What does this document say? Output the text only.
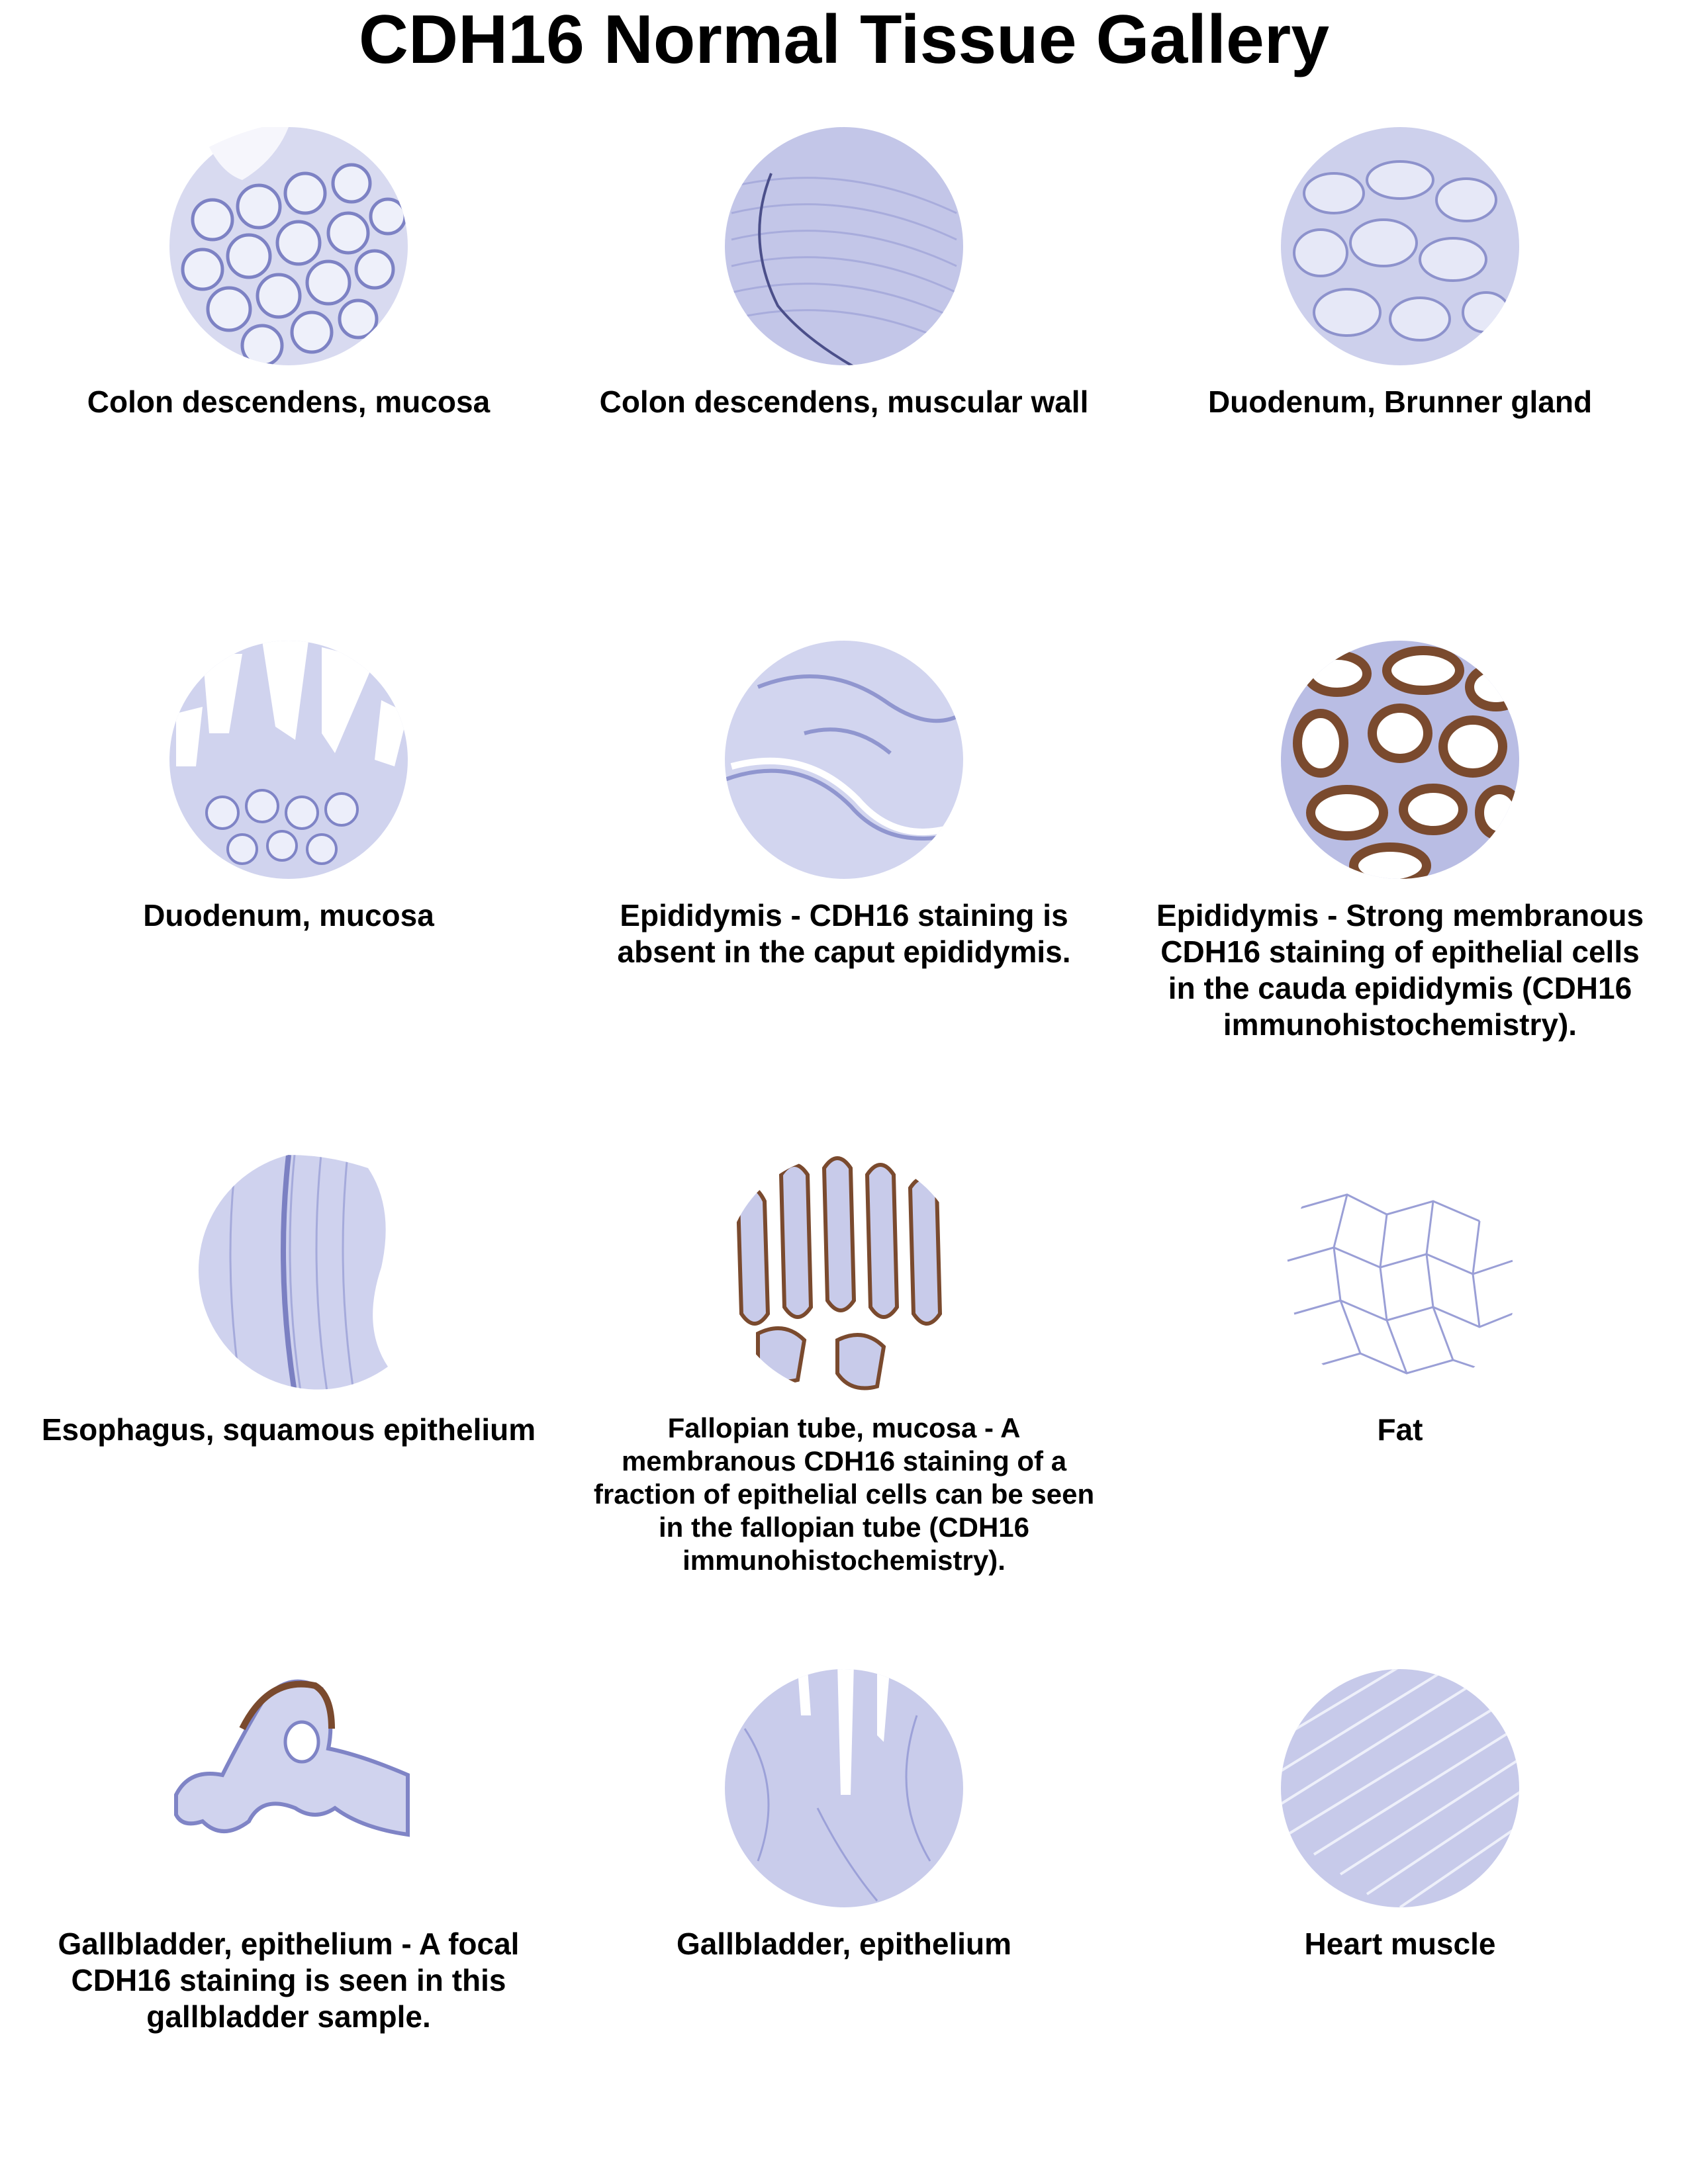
CDH16 Normal Tissue Gallery

Colon descendens, mucosa	Colon descendens, muscular wall	Duodenum, Brunner gland

Duodenum, mucosa	Epididymis - CDH16 staining is absent in the caput epididymis.

Epididymis - Strong membranous CDH16 staining of epithelial cells in the cauda epididymis (CDH16 immunohistochemistry).

Esophagus, squamous epithelium	Fallopian tube, mucosa - A membranous CDH16 staining of a fraction of epithelial cells can be seen in the fallopian tube (CDH16 immunohistochemistry).

Fat

Gallbladder, epithelium - A focal CDH16 staining is seen in this gallbladder sample.

Gallbladder, epithelium	Heart muscle
